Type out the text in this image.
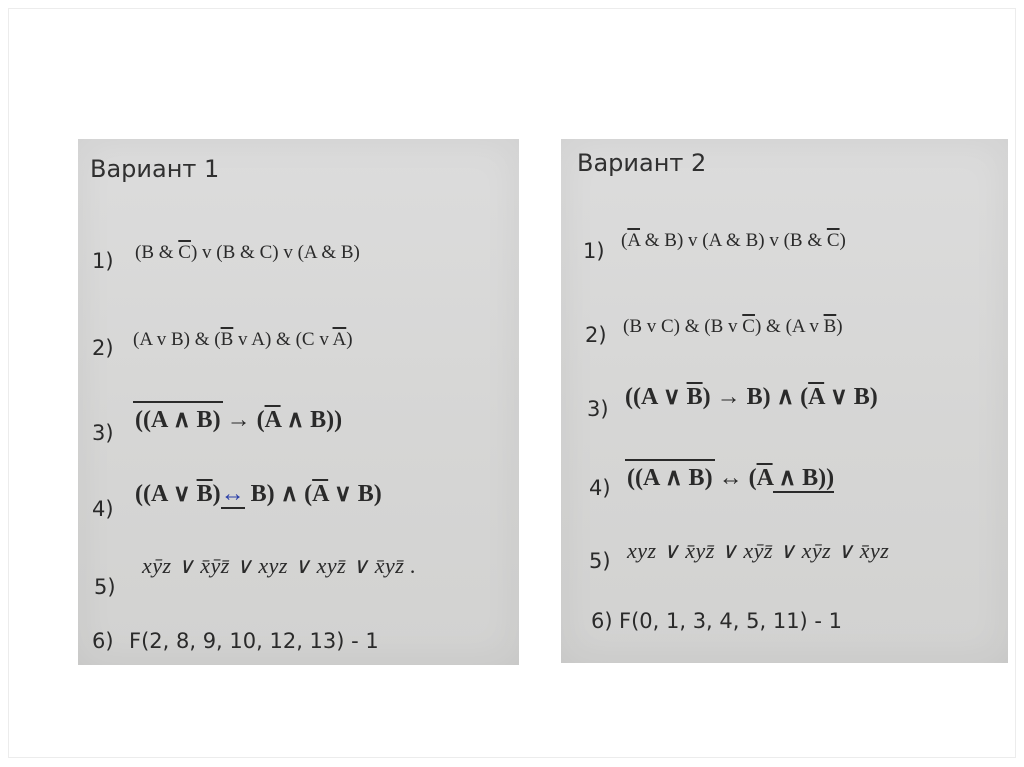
Вариант 1
1) (B & $\overline{C}$) v (B & C) v (A & B)
2) (A v B) & ($\overline{B}$ v A) & (C v $\overline{A}$)
3) ((A ∧ $B) \to (\overline{A}$ ∧ B))
4)
((A ∨ $\overline{B})\leftrightarrow$ B) ∧ ($\overline{A}$ ∨ B)
5)
xȳz ∨ x̄ȳz̄ ∨ xyz ∨ xyz̄ ∨ x̄yz̄ .
6) F(2, 8, 9, 10, 12, 13) - 1
Вариант 2
1) ($\overline{A}$ & B) v (A & B) v (B & $\overline{C}$)
2) (B v C) & (B v $\overline{C}$) & (A v $\overline{B}$)
3) ((A ∨ $\overline{B}) \to B$) ∧ ($\overline{A}$ ∨ B)
4) ((A ∧ B) ↔ ($\overline{A}$ ∧ B))
5) xyz ∨ x̄yz̄ ∨ xȳz̄ ∨ xȳz ∨ x̄yz
6) F(0, 1, 3, 4, 5, 11) - 1
